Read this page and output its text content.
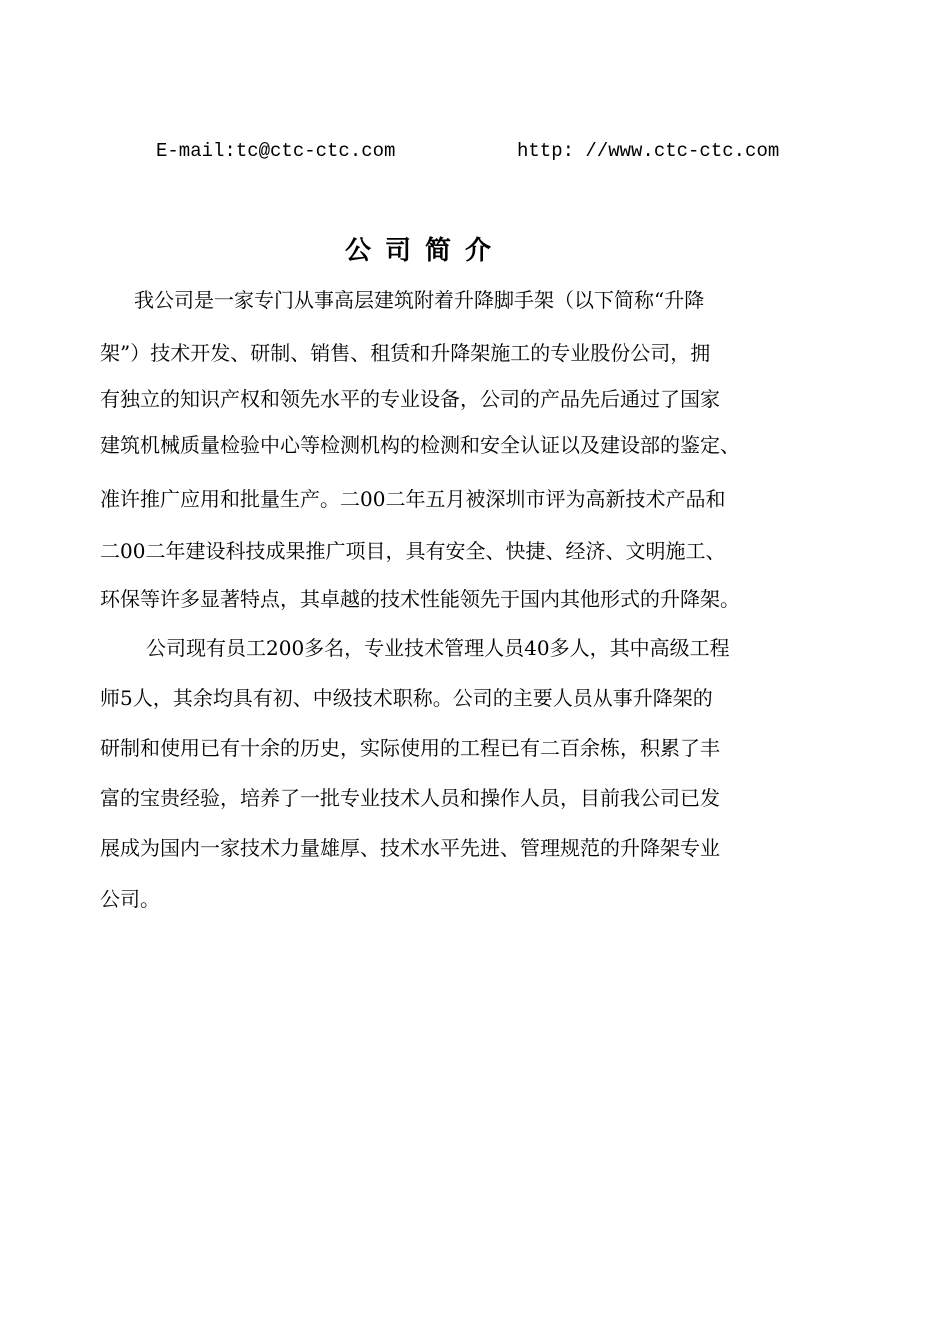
E-mail:tc@ctc-ctc.com	http: //www.ctc-ctc.com
公司简介
我公司是一家专门从事高层建筑附着升降脚手架（以下简称“升降
架”）技术开发、研制、销售、租赁和升降架施工的专业股份公司，拥
有独立的知识产权和领先水平的专业设备，公司的产品先后通过了国家
建筑机械质量检验中心等检测机构的检测和安全认证以及建设部的鉴定、
准许推广应用和批量生产。二00二年五月被深圳市评为高新技术产品和
二00二年建设科技成果推广项目，具有安全、快捷、经济、文明施工、
环保等许多显著特点，其卓越的技术性能领先于国内其他形式的升降架。
公司现有员工200多名，专业技术管理人员40多人，其中高级工程
师5人，其余均具有初、中级技术职称。公司的主要人员从事升降架的
研制和使用已有十余的历史，实际使用的工程已有二百余栋，积累了丰
富的宝贵经验，培养了一批专业技术人员和操作人员，目前我公司已发
展成为国内一家技术力量雄厚、技术水平先进、管理规范的升降架专业
公司。
